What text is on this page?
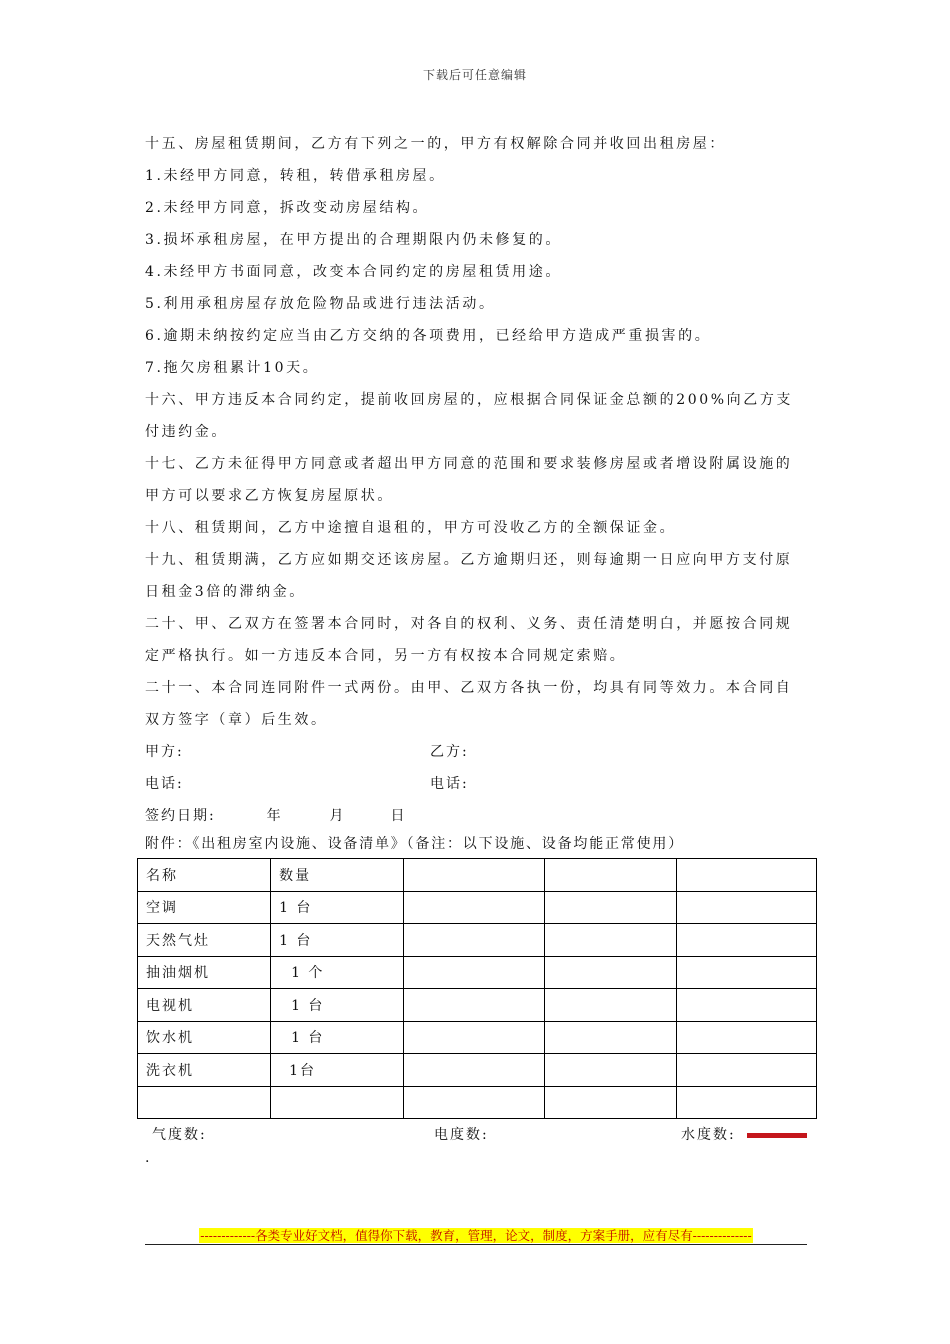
下载后可任意编辑

十五、房屋租赁期间，乙方有下列之一的，甲方有权解除合同并收回出租房屋：

1.未经甲方同意，转租，转借承租房屋。

2.未经甲方同意，拆改变动房屋结构。

3.损坏承租房屋，在甲方提出的合理期限内仍未修复的。

4.未经甲方书面同意，改变本合同约定的房屋租赁用途。

5.利用承租房屋存放危险物品或进行违法活动。

6.逾期未纳按约定应当由乙方交纳的各项费用，已经给甲方造成严重损害的。

7.拖欠房租累计10天。

十六、甲方违反本合同约定，提前收回房屋的，应根据合同保证金总额的200%向乙方支付违约金。

十七、乙方未征得甲方同意或者超出甲方同意的范围和要求装修房屋或者增设附属设施的甲方可以要求乙方恢复房屋原状。

十八、租赁期间，乙方中途擅自退租的，甲方可没收乙方的全额保证金。

十九、租赁期满，乙方应如期交还该房屋。乙方逾期归还，则每逾期一日应向甲方支付原日租金3倍的滞纳金。

二十、甲、乙双方在签署本合同时，对各自的权利、义务、责任清楚明白，并愿按合同规定严格执行。如一方违反本合同，另一方有权按本合同规定索赔。

二十一、本合同连同附件一式两份。由甲、乙双方各执一份，均具有同等效力。本合同自双方签字（章）后生效。

甲方:	乙方:
电话:	电话:
签约日期:	年	月	日
附件：《出租房室内设施、设备清单》（备注：以下设施、设备均能正常使用）
名称	数量			
空调	1 台			
天然气灶	1 台			
抽油烟机	1 个			
电视机	1 台			
饮水机	1 台			
洗衣机	1台			

气度数:	电度数:	水度数:
.
-------------各类专业好文档，值得你下载，教育，管理，论文，制度，方案手册，应有尽有--------------
